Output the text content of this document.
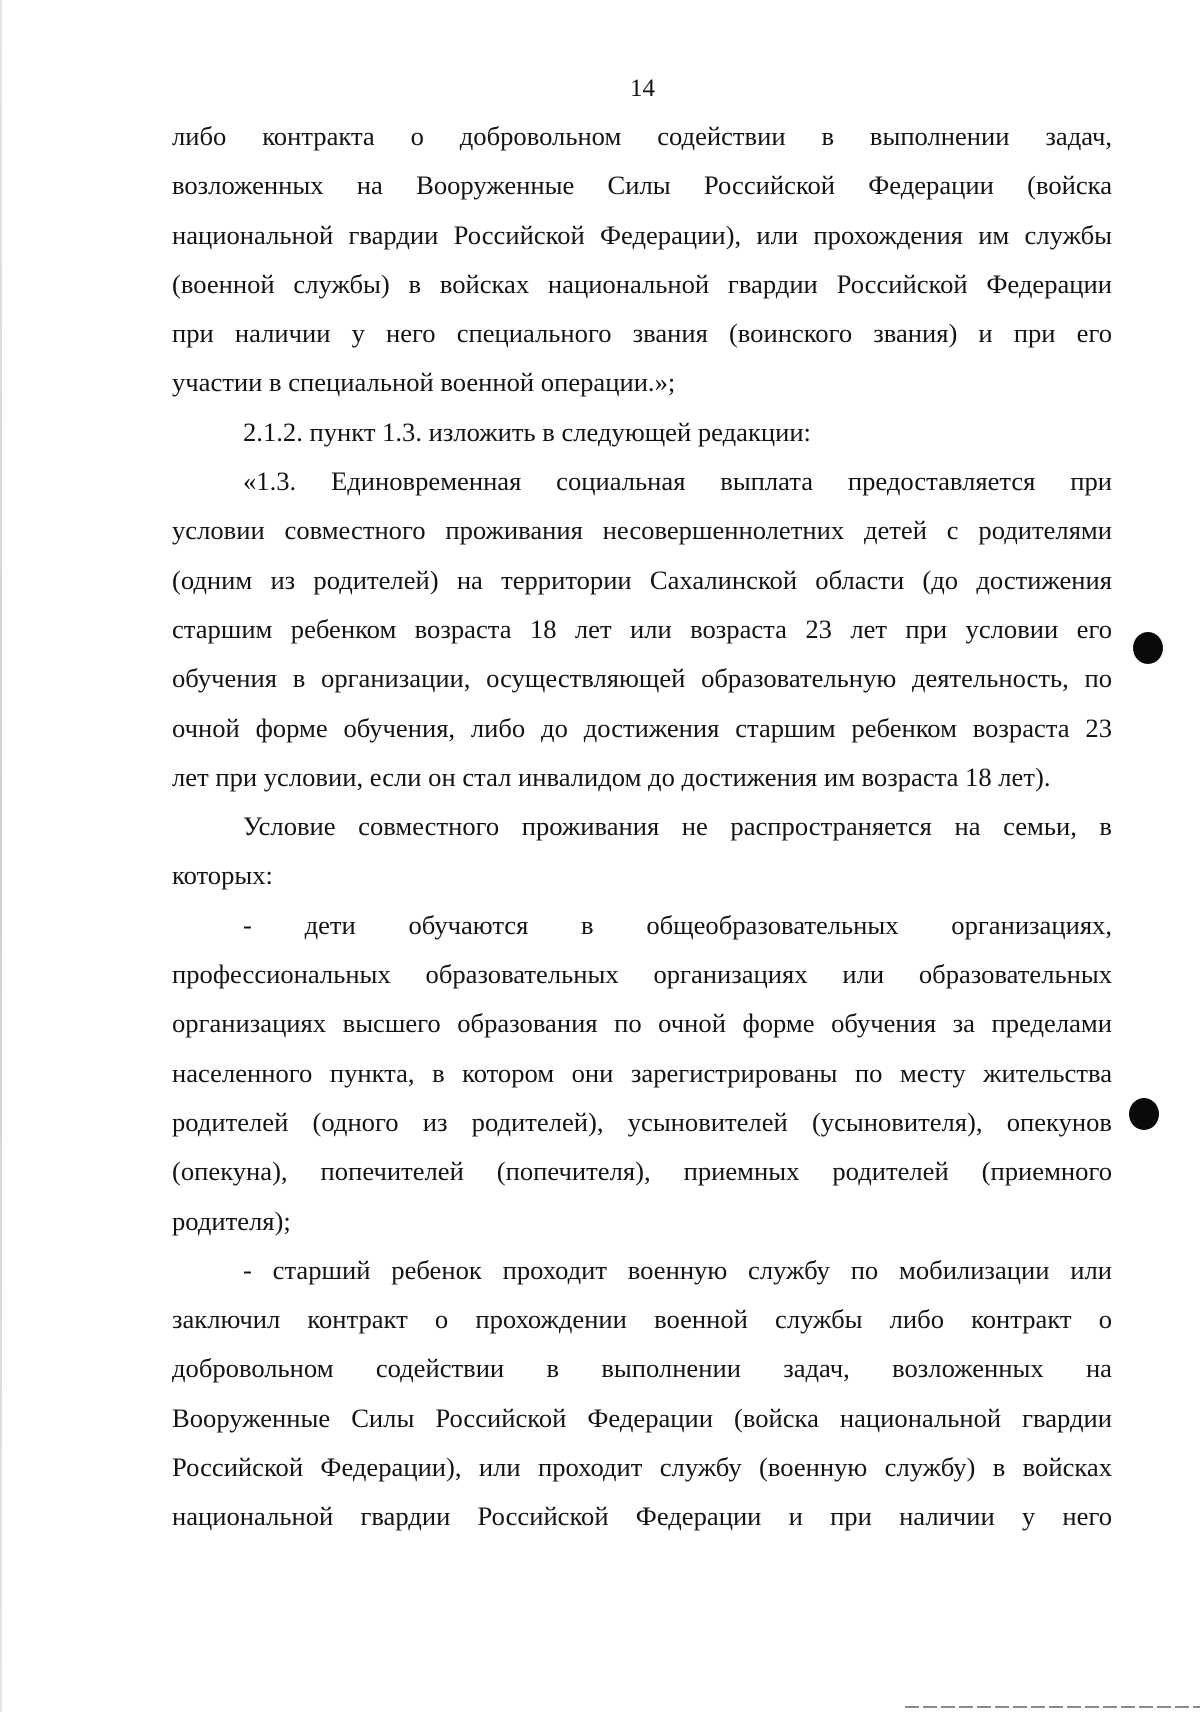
14

либо контракта о добровольном содействии в выполнении задач,

возложенных на Вооруженные Силы Российской Федерации (войска

национальной гвардии Российской Федерации), или прохождения им службы

(военной службы) в войсках национальной гвардии Российской Федерации

при наличии у него специального звания (воинского звания) и при его

участии в специальной военной операции.»;

2.1.2. пункт 1.3. изложить в следующей редакции:

«1.3. Единовременная социальная выплата предоставляется при

условии совместного проживания несовершеннолетних детей с родителями

(одним из родителей) на территории Сахалинской области (до достижения

старшим ребенком возраста 18 лет или возраста 23 лет при условии его

обучения в организации, осуществляющей образовательную деятельность, по

очной форме обучения, либо до достижения старшим ребенком возраста 23

лет при условии, если он стал инвалидом до достижения им возраста 18 лет).

Условие совместного проживания не распространяется на семьи, в

которых:

- дети обучаются в общеобразовательных организациях,

профессиональных образовательных организациях или образовательных

организациях высшего образования по очной форме обучения за пределами

населенного пункта, в котором они зарегистрированы по месту жительства

родителей (одного из родителей), усыновителей (усыновителя), опекунов

(опекуна), попечителей (попечителя), приемных родителей (приемного

родителя);

- старший ребенок проходит военную службу по мобилизации или

заключил контракт о прохождении военной службы либо контракт о

добровольном содействии в выполнении задач, возложенных на

Вооруженные Силы Российской Федерации (войска национальной гвардии

Российской Федерации), или проходит службу (военную службу) в войсках

национальной гвардии Российской Федерации и при наличии у него
